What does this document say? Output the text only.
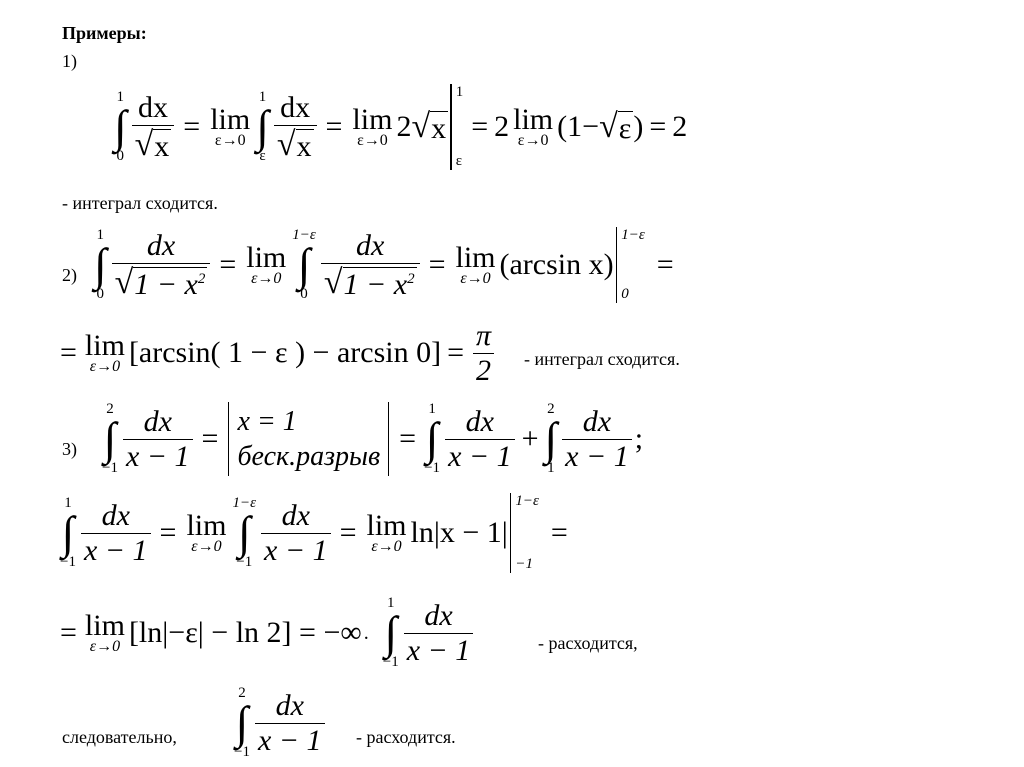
Примеры:
1)
1
∫
$0 \frac{dx}{√ x} = \lim$
ε→0
1
∫
ε $\frac{dx}{√ x} = \lim$
ε→0 2 √ x
1
ε
= 2 lim
ε→0 (1− √ ε ) = 2
- интеграл сходится.
2)
1
∫
$0 \frac{dx}{√ 1 - x^2} = \lim$
ε→0
1−ε
∫
$0 \frac{dx}{√ 1 - x^2} = \lim$
ε→0 (arcsin x)
1−ε
0
=
= lim
ε→0 [arcsin( 1 − ε ) − $\arcsin 0] = \frac{\pi}{2}$ - интеграл сходится.
3)
2
∫
$-1 \frac{dx}{x - 1}$ =
x = 1
беск.разрыв
=
1
∫
$-1 \frac{dx}{x - 1}$ +
2
∫
$1 \frac{dx}{x - 1}$ ;
1
∫
$-1 \frac{dx}{x - 1} = \lim$
ε→0
1−ε
∫
$-1 \frac{dx}{x - 1} = \lim$
ε→0 ln|x − 1|
1−ε
−1
=
= lim
ε→0 [ln|−ε| − ln 2] = −∞ .
1
∫
$-1 \frac{dx}{x - 1}$	- расходится,
следовательно,
2
∫
$-1 \frac{dx}{x - 1}$ - расходится.
